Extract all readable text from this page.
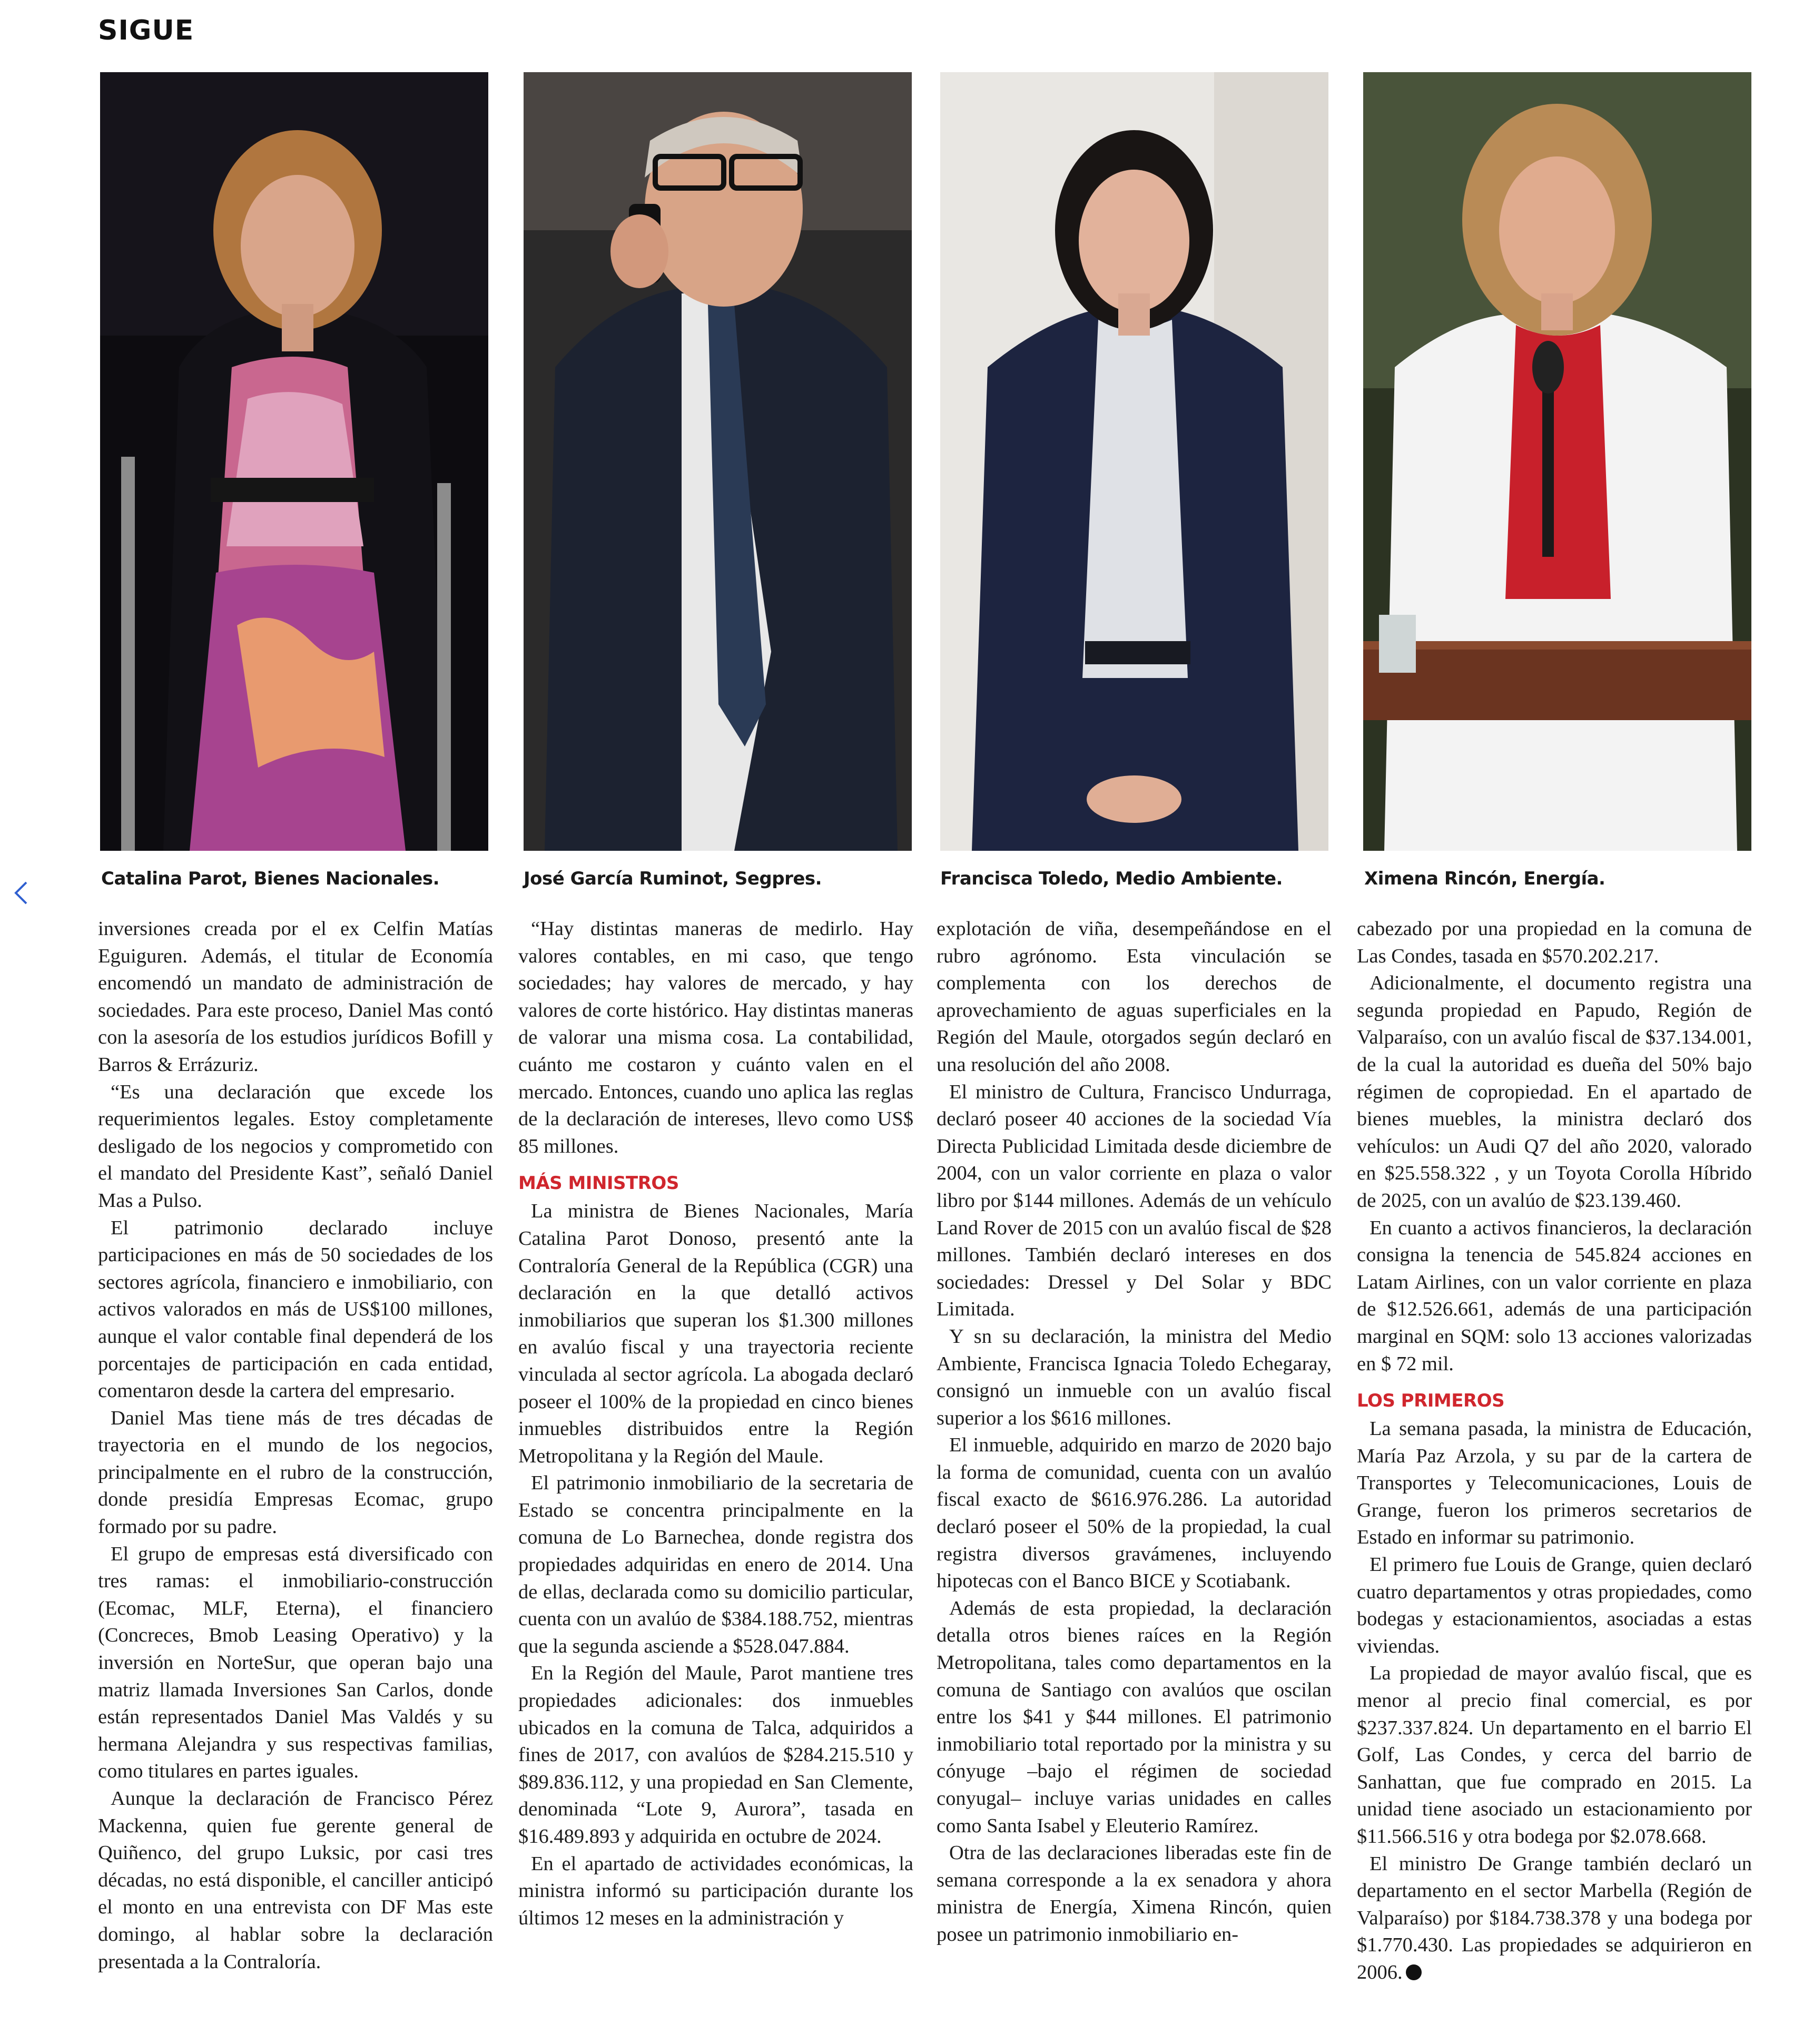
SIGUE
Catalina Parot, Bienes Nacionales.	José García Ruminot, Segpres.	Francisca Toledo, Medio Ambiente.	Ximena Rincón, Energía.

inversiones creada por el ex Celfin Matías Eguiguren. Además, el titular de Economía encomendó un mandato de administración de sociedades. Para este proceso, Daniel Mas contó con la asesoría de los estudios jurídicos Bofill y Barros & Errázuriz.

“Es una declaración que excede los requerimientos legales. Estoy completamente desligado de los negocios y comprometido con el mandato del Presidente Kast”, señaló Daniel Mas a Pulso.

El patrimonio declarado incluye participaciones en más de 50 sociedades de los sectores agrícola, financiero e inmobiliario, con activos valorados en más de US$100 millones, aunque el valor contable final dependerá de los porcentajes de participación en cada entidad, comentaron desde la cartera del empresario.

Daniel Mas tiene más de tres décadas de trayectoria en el mundo de los negocios, principalmente en el rubro de la construcción, donde presidía Empresas Ecomac, grupo formado por su padre.

El grupo de empresas está diversificado con tres ramas: el inmobiliario-construcción (Ecomac, MLF, Eterna), el financiero (Concreces, Bmob Leasing Operativo) y la inversión en NorteSur, que operan bajo una matriz llamada Inversiones San Carlos, donde están representados Daniel Mas Valdés y su hermana Alejandra y sus respectivas familias, como titulares en partes iguales.

Aunque la declaración de Francisco Pérez Mackenna, quien fue gerente general de Quiñenco, del grupo Luksic, por casi tres décadas, no está disponible, el canciller anticipó el monto en una entrevista con DF Mas este domingo, al hablar sobre la declaración presentada a la Contraloría.

“Hay distintas maneras de medirlo. Hay valores contables, en mi caso, que tengo sociedades; hay valores de mercado, y hay valores de corte histórico. Hay distintas maneras de valorar una misma cosa. La contabilidad, cuánto me costaron y cuánto valen en el mercado. Entonces, cuando uno aplica las reglas de la declaración de intereses, llevo como US$ 85 millones.

MÁS MINISTROS

La ministra de Bienes Nacionales, María Catalina Parot Donoso, presentó ante la Contraloría General de la República (CGR) una declaración en la que detalló activos inmobiliarios que superan los $1.300 millones en avalúo fiscal y una trayectoria reciente vinculada al sector agrícola. La abogada declaró poseer el 100% de la propiedad en cinco bienes inmuebles distribuidos entre la Región Metropolitana y la Región del Maule.

El patrimonio inmobiliario de la secretaria de Estado se concentra principalmente en la comuna de Lo Barnechea, donde registra dos propiedades adquiridas en enero de 2014. Una de ellas, declarada como su domicilio particular, cuenta con un avalúo de $384.188.752, mientras que la segunda asciende a $528.047.884.

En la Región del Maule, Parot mantiene tres propiedades adicionales: dos inmuebles ubicados en la comuna de Talca, adquiridos a fines de 2017, con avalúos de $284.215.510 y $89.836.112, y una propiedad en San Clemente, denominada “Lote 9, Aurora”, tasada en $16.489.893 y adquirida en octubre de 2024.

En el apartado de actividades económicas, la ministra informó su participación durante los últimos 12 meses en la administración y

explotación de viña, desempeñándose en el rubro agrónomo. Esta vinculación se complementa con los derechos de aprovechamiento de aguas superficiales en la Región del Maule, otorgados según declaró en una resolución del año 2008.

El ministro de Cultura, Francisco Undurraga, declaró poseer 40 acciones de la sociedad Vía Directa Publicidad Limitada desde diciembre de 2004, con un valor corriente en plaza o valor libro por $144 millones. Además de un vehículo Land Rover de 2015 con un avalúo fiscal de $28 millones. También declaró intereses en dos sociedades: Dressel y Del Solar y BDC Limitada.

Y sn su declaración, la ministra del Medio Ambiente, Francisca Ignacia Toledo Echegaray, consignó un inmueble con un avalúo fiscal superior a los $616 millones.

El inmueble, adquirido en marzo de 2020 bajo la forma de comunidad, cuenta con un avalúo fiscal exacto de $616.976.286. La autoridad declaró poseer el 50% de la propiedad, la cual registra diversos gravámenes, incluyendo hipotecas con el Banco BICE y Scotiabank.

Además de esta propiedad, la declaración detalla otros bienes raíces en la Región Metropolitana, tales como departamentos en la comuna de Santiago con avalúos que oscilan entre los $41 y $44 millones. El patrimonio inmobiliario total reportado por la ministra y su cónyuge –bajo el régimen de sociedad conyugal– incluye varias unidades en calles como Santa Isabel y Eleuterio Ramírez.

Otra de las declaraciones liberadas este fin de semana corresponde a la ex senadora y ahora ministra de Energía, Ximena Rincón, quien posee un patrimonio inmobiliario en-

cabezado por una propiedad en la comuna de Las Condes, tasada en $570.202.217.

Adicionalmente, el documento registra una segunda propiedad en Papudo, Región de Valparaíso, con un avalúo fiscal de $37.134.001, de la cual la autoridad es dueña del 50% bajo régimen de copropiedad. En el apartado de bienes muebles, la ministra declaró dos vehículos: un Audi Q7 del año 2020, valorado en $25.558.322 , y un Toyota Corolla Híbrido de 2025, con un avalúo de $23.139.460.

En cuanto a activos financieros, la declaración consigna la tenencia de 545.824 acciones en Latam Airlines, con un valor corriente en plaza de $12.526.661, además de una participación marginal en SQM: solo 13 acciones valorizadas en $ 72 mil.

LOS PRIMEROS

La semana pasada, la ministra de Educación, María Paz Arzola, y su par de la cartera de Transportes y Telecomunicaciones, Louis de Grange, fueron los primeros secretarios de Estado en informar su patrimonio.

El primero fue Louis de Grange, quien declaró cuatro departamentos y otras propiedades, como bodegas y estacionamientos, asociadas a estas viviendas.

La propiedad de mayor avalúo fiscal, que es menor al precio final comercial, es por $237.337.824. Un departamento en el barrio El Golf, Las Condes, y cerca del barrio de Sanhattan, que fue comprado en 2015. La unidad tiene asociado un estacionamiento por $11.566.516 y otra bodega por $2.078.668.

El ministro De Grange también declaró un departamento en el sector Marbella (Región de Valparaíso) por $184.738.378 y una bodega por $1.770.430. Las propiedades se adquirieron en 2006.
